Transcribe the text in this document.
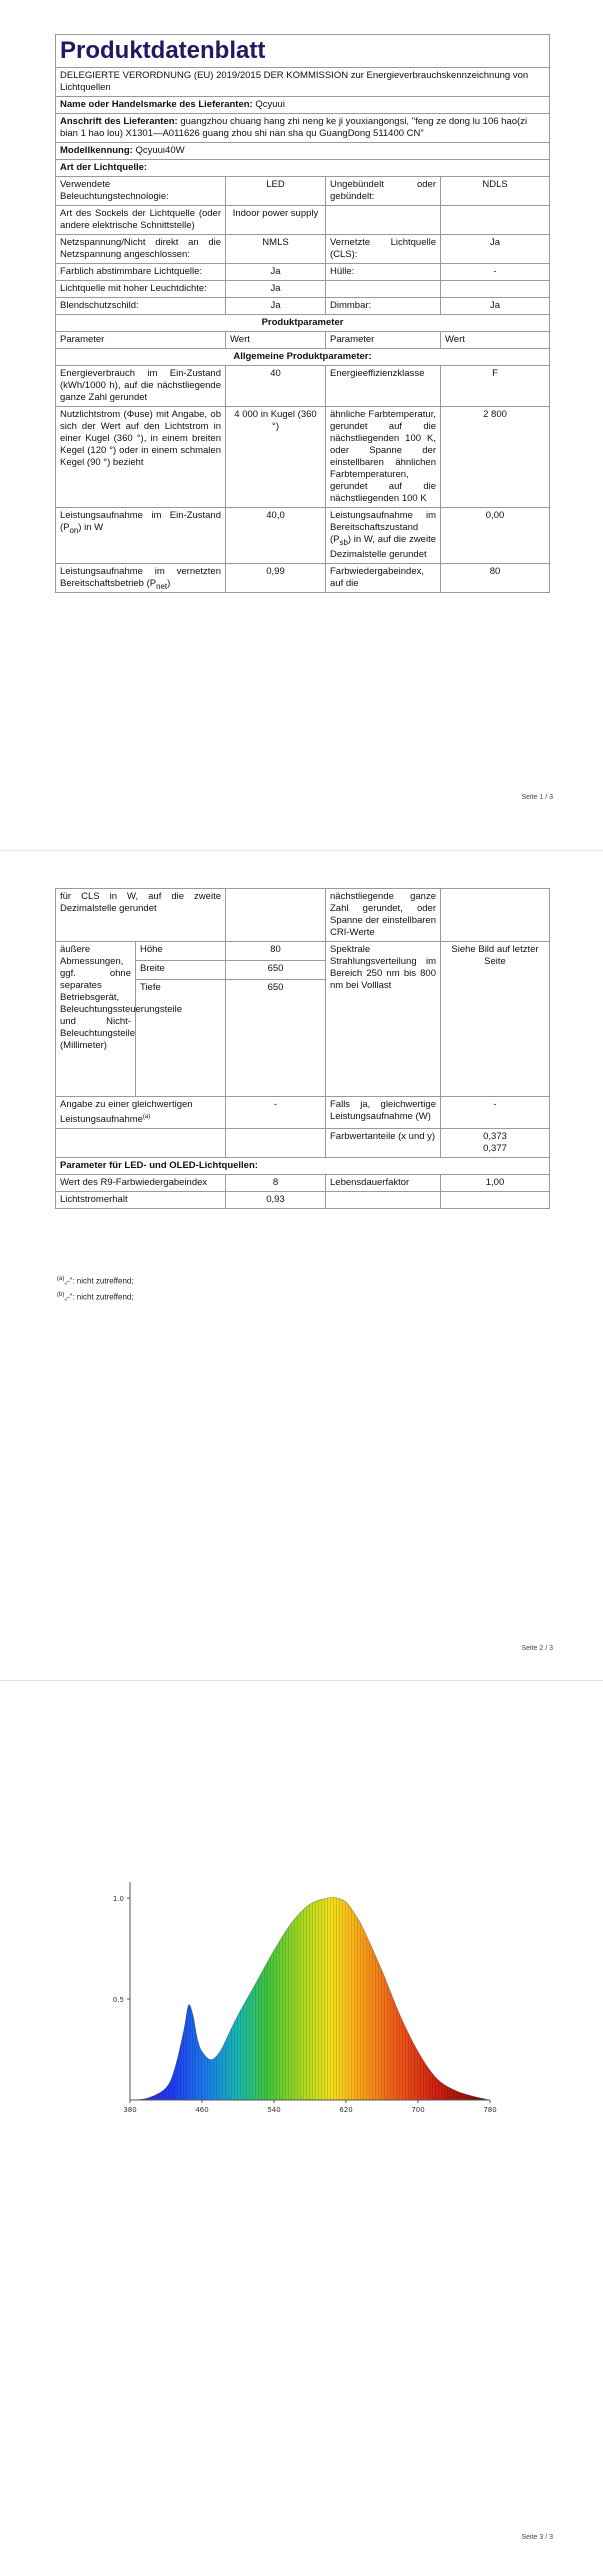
Produktdatenblatt			
DELEGIERTE VERORDNUNG (EU) 2019/2015 DER KOMMISSION zur Energieverbrauchskennzeichnung von Lichtquellen			
Name oder Handelsmarke des Lieferanten: Qcyuui			
Anschrift des Lieferanten: guangzhou chuang hang zhi neng ke ji youxiangongsi, "feng ze dong lu 106 hao(zi bian 1 hao lou) X1301—A011626 guang zhou shi nan sha qu GuangDong 511400 CN"			
Modellkennung: Qcyuui40W			
Art der Lichtquelle:			
Verwendete Beleuchtungstechnologie:	LED	Ungebündelt oder gebündelt:	NDLS
Art des Sockels der Lichtquelle (oder andere elektrische Schnittstelle)	Indoor power supply		
Netzspannung/Nicht direkt an die Netzspannung angeschlossen:	NMLS	Vernetzte Lichtquelle (CLS):	Ja
Farblich abstimmbare Lichtquelle:	Ja	Hülle:	-
Lichtquelle mit hoher Leuchtdichte:	Ja		
Blendschutzschild:	Ja	Dimmbar:	Ja
Produktparameter			
Parameter	Wert	Parameter	Wert
Allgemeine Produktparameter:			
Energieverbrauch im Ein-Zustand (kWh/1000 h), auf die nächstliegende ganze Zahl gerundet	40	Energieeffizienzklasse	F
Nutzlichtstrom (Φuse) mit Angabe, ob sich der Wert auf den Lichtstrom in einer Kugel (360 °), in einem breiten Kegel (120 °) oder in einem schmalen Kegel (90 °) bezieht	4 000 in Kugel (360 °)	ähnliche Farbtemperatur, gerundet auf die nächstliegenden 100 K, oder Spanne der einstellbaren ähnlichen Farbtemperaturen, gerundet auf die nächstliegenden 100 K	2 800
Leistungsaufnahme im Ein-Zustand $(P_{on})$ in W	40,0	Leistungsaufnahme im Bereitschaftszustand $(P_{sb})$ in W, auf die zweite Dezimalstelle gerundet	0,00

Leistungsaufnahme im vernetzten Bereitschaftsbetrieb $(P_{net})$	0,99	Farbwiedergabeindex, auf die	80
Seite 1 / 3
für CLS in W, auf die zweite Dezimalstelle gerundet			nächstliegende ganze Zahl gerundet, oder Spanne der einstellbaren CRI-Werte	
äußere Abmessungen, ggf. ohne separates Betriebsgerät, Beleuchtungssteuerungsteile und Nicht-Beleuchtungsteile (Millimeter)	Höhe	80	Spektrale Strahlungsverteilung im Bereich 250 nm bis 800 nm bei Volllast	Siehe Bild auf letzter Seite
	Breite	650		
	Tiefe	650		
Angabe zu einer gleichwertigen Leistungsaufnahme$^{(a)}$		-	Falls ja, gleichwertige Leistungsaufnahme (W)	-
			Farbwertanteile (x und y)	0,373
0,377

Parameter für LED- und OLED-Lichtquellen:				
Wert des R9-Farbwiedergabeindex		8	Lebensdauerfaktor	1,00
Lichtstromerhalt		0,93		
$^{(a)}$„-“: nicht zutreffend;
$^{(b)}$„-“: nicht zutreffend;
Seite 2 / 3
1.0
0.5
380	460	540	620	700	780
Seite 3 / 3
